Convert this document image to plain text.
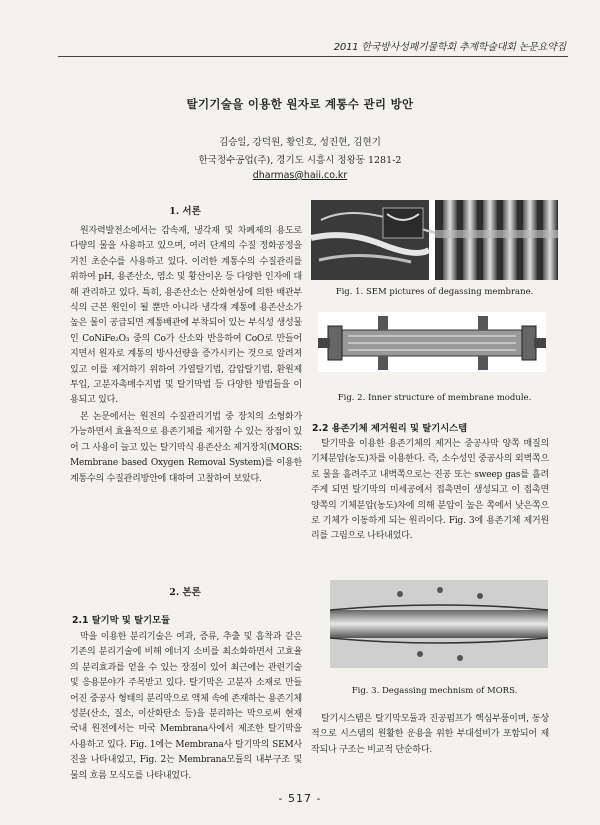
2011 한국방사성폐기물학회 추계학술대회 논문요약집
탈기기술을 이용한 원자로 계통수 관리 방안
김승일, 강덕원, 황인호, 성진현, 김현기
한국정수공업(주), 경기도 시흥시 정왕동 1281-2
dharmas@haii.co.kr
1. 서론

원자력발전소에서는 감속재, 냉각재 및 차폐제의 용도로 다량의 물을 사용하고 있으며, 여러 단계의 수질 정화공정을 거친 초순수를 사용하고 있다. 이러한 계통수의 수질관리를 위하여 pH, 용존산소, 염소 및 황산이온 등 다양한 인자에 대해 관리하고 있다. 특히, 용존산소는 산화현상에 의한 배관부식의 근본 원인이 될 뿐만 아니라 냉각재 계통에 용존산소가 높은 물이 공급되면 계통배관에 부착되어 있는 부식성 생성물인 CoNiFe₂O₃ 중의 Co가 산소와 반응하여 CoO로 만들어지면서 원자로 계통의 방사선량을 증가시키는 것으로 알려져 있고 이를 제거하기 위하여 가열탈기법, 감압탈기법, 환원제 투입, 고분자촉매수지법 및 탈기막법 등 다양한 방법들을 이용되고 있다.

본 논문에서는 원전의 수질관리기법 중 장치의 소형화가 가능하면서 효율적으로 용존기체를 제거할 수 있는 장점이 있어 그 사용이 늘고 있는 탈기막식 용존산소 제거장치(MORS: Membrane based Oxygen Removal System)를 이용한 계통수의 수질관리방안에 대하여 고찰하여 보았다.

2. 본론
2.1 탈기막 및 탈기모듈

막을 이용한 분리기술은 여과, 증류, 추출 및 흡착과 같은 기존의 분리기술에 비해 에너지 소비를 최소화하면서 고효율의 분리효과를 얻을 수 있는 장점이 있어 최근에는 관련기술 및 응용분야가 주목받고 있다. 탈기막은 고분자 소재로 만들어진 중공사 형태의 분리막으로 액체 속에 존재하는 용존기체성분(산소, 질소, 이산화탄소 등)을 분리하는 막으로써 현재 국내 원전에서는 미국 Membrana사에서 제조한 탈기막을 사용하고 있다. Fig. 1에는 Membrana사 탈기막의 SEM사진을 나타내었고, Fig. 2는 Membrana모듈의 내부구조 및 물의 흐름 모식도를 나타내었다.

Fig. 1. SEM pictures of degassing membrane.
Fig. 2. Inner structure of membrane module.
2.2 용존기체 제거원리 및 탈기시스템

탈기막을 이용한 용존기체의 제거는 중공사막 양쪽 매질의 기체분압(농도)차를 이용한다. 즉, 소수성인 중공사의 외벽쪽으로 물을 흘려주고 내벽쪽으로는 진공 또는 sweep gas를 흘려주게 되면 탈기막의 미세공에서 접촉면이 생성되고 이 접촉면 양쪽의 기체분압(농도)차에 의해 분압이 높은 쪽에서 낮은쪽으로 기체가 이동하게 되는 원리이다. Fig. 3에 용존기체 제거원리를 그림으로 나타내었다.

Fig. 3. Degassing mechnism of MORS.

탈기시스템은 탈기막모듈과 진공펌프가 핵심부품이며, 동상적으로 시스템의 원활한 운용을 위한 부대설비가 포함되어 제작되나 구조는 비교적 단순하다.

- 517 -
